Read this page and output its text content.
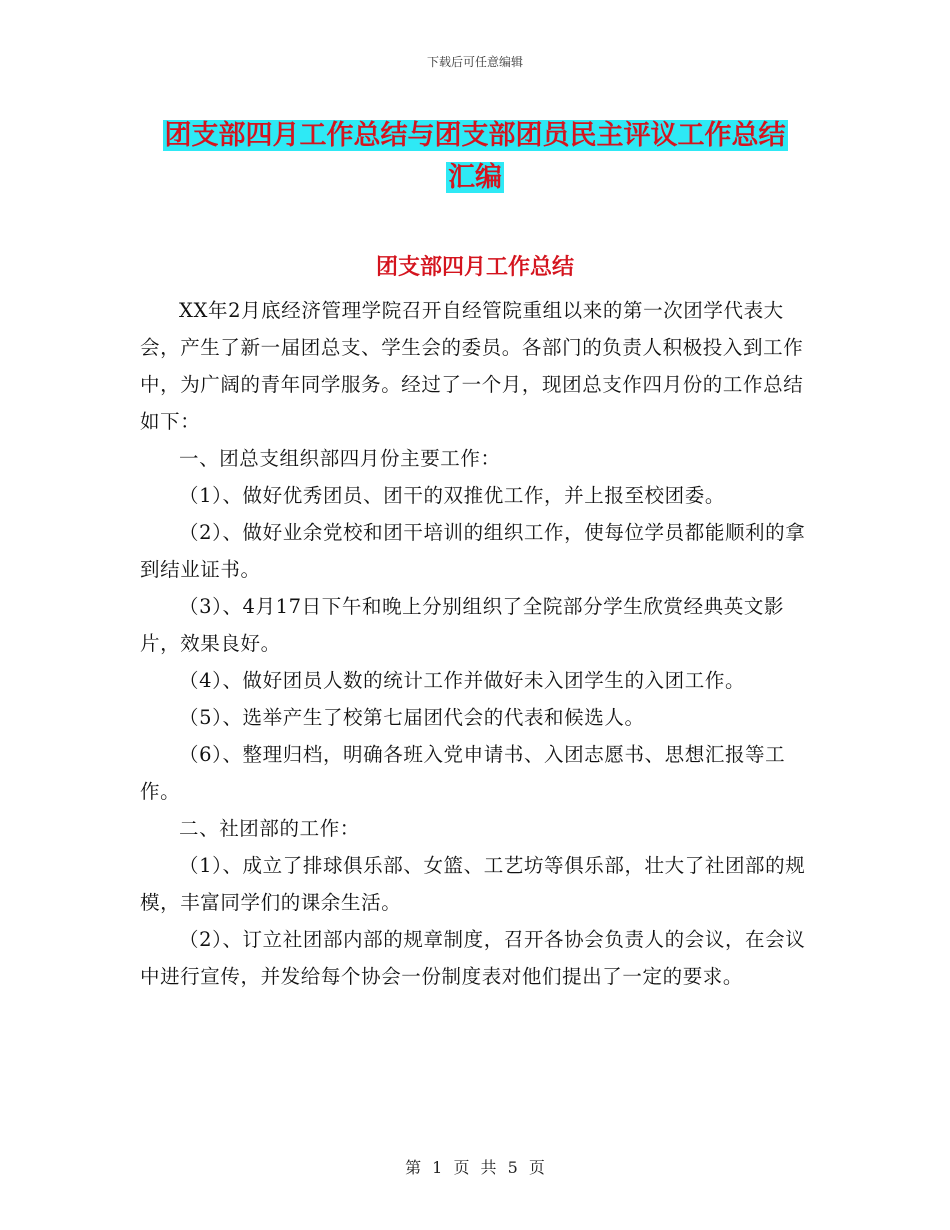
下载后可任意编辑
团支部四月工作总结与团支部团员民主评议工作总结
汇编
团支部四月工作总结

XX年2月底经济管理学院召开自经管院重组以来的第一次团学代表大会，产生了新一届团总支、学生会的委员。各部门的负责人积极投入到工作中，为广阔的青年同学服务。经过了一个月，现团总支作四月份的工作总结如下：

一、团总支组织部四月份主要工作：

（1）、做好优秀团员、团干的双推优工作，并上报至校团委。

（2）、做好业余党校和团干培训的组织工作，使每位学员都能顺利的拿到结业证书。

（3）、4月17日下午和晚上分别组织了全院部分学生欣赏经典英文影片，效果良好。

（4）、做好团员人数的统计工作并做好未入团学生的入团工作。

（5）、选举产生了校第七届团代会的代表和候选人。

（6）、整理归档，明确各班入党申请书、入团志愿书、思想汇报等工作。

二、社团部的工作：

（1）、成立了排球俱乐部、女篮、工艺坊等俱乐部，壮大了社团部的规模，丰富同学们的课余生活。

（2）、订立社团部内部的规章制度，召开各协会负责人的会议，在会议中进行宣传，并发给每个协会一份制度表对他们提出了一定的要求。

第 1 页 共 5 页
